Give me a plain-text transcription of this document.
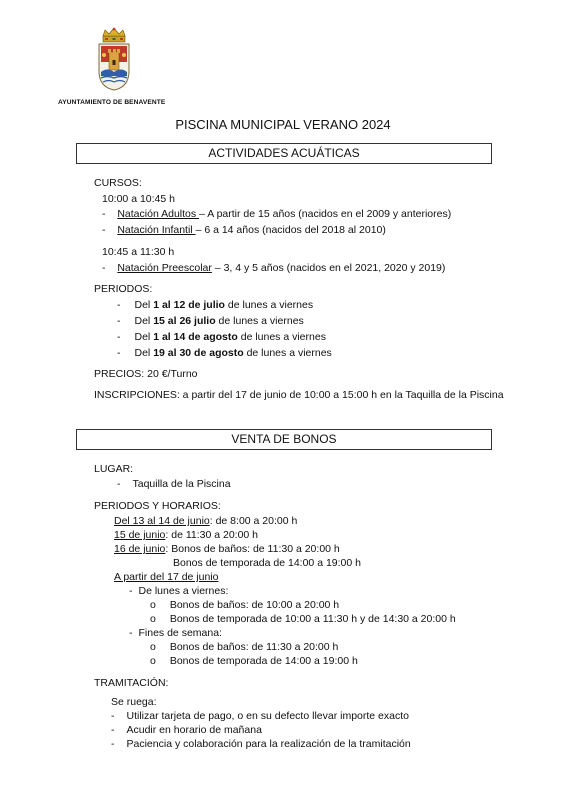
AYUNTAMIENTO DE BENAVENTE
PISCINA MUNICIPAL VERANO 2024
ACTIVIDADES ACUÁTICAS
CURSOS:
10:00 a 10:45 h
- Natación Adultos – A partir de 15 años (nacidos en el 2009 y anteriores)
- Natación Infantil – 6 a 14 años (nacidos del 2018 al 2010)
10:45 a 11:30 h
- Natación Preescolar – 3, 4 y 5 años (nacidos en el 2021, 2020 y 2019)
PERIODOS:
- Del 1 al 12 de julio de lunes a viernes
- Del 15 al 26 julio de lunes a viernes
- Del 1 al 14 de agosto de lunes a viernes
- Del 19 al 30 de agosto de lunes a viernes
PRECIOS: 20 €/Turno
INSCRIPCIONES: a partir del 17 de junio de 10:00 a 15:00 h en la Taquilla de la Piscina
VENTA DE BONOS
LUGAR:
- Taquilla de la Piscina
PERIODOS Y HORARIOS:
Del 13 al 14 de junio: de 8:00 a 20:00 h
15 de junio: de 11:30 a 20:00 h
16 de junio: Bonos de baños: de 11:30 a 20:00 h
Bonos de temporada de 14:00 a 19:00 h
A partir del 17 de junio
- De lunes a viernes:
o Bonos de baños: de 10:00 a 20:00 h
o Bonos de temporada de 10:00 a 11:30 h y de 14:30 a 20:00 h
- Fines de semana:
o Bonos de baños: de 11:30 a 20:00 h
o Bonos de temporada de 14:00 a 19:00 h
TRAMITACIÓN:
Se ruega:
- Utilizar tarjeta de pago, o en su defecto llevar importe exacto
- Acudir en horario de mañana
- Paciencia y colaboración para la realización de la tramitación
